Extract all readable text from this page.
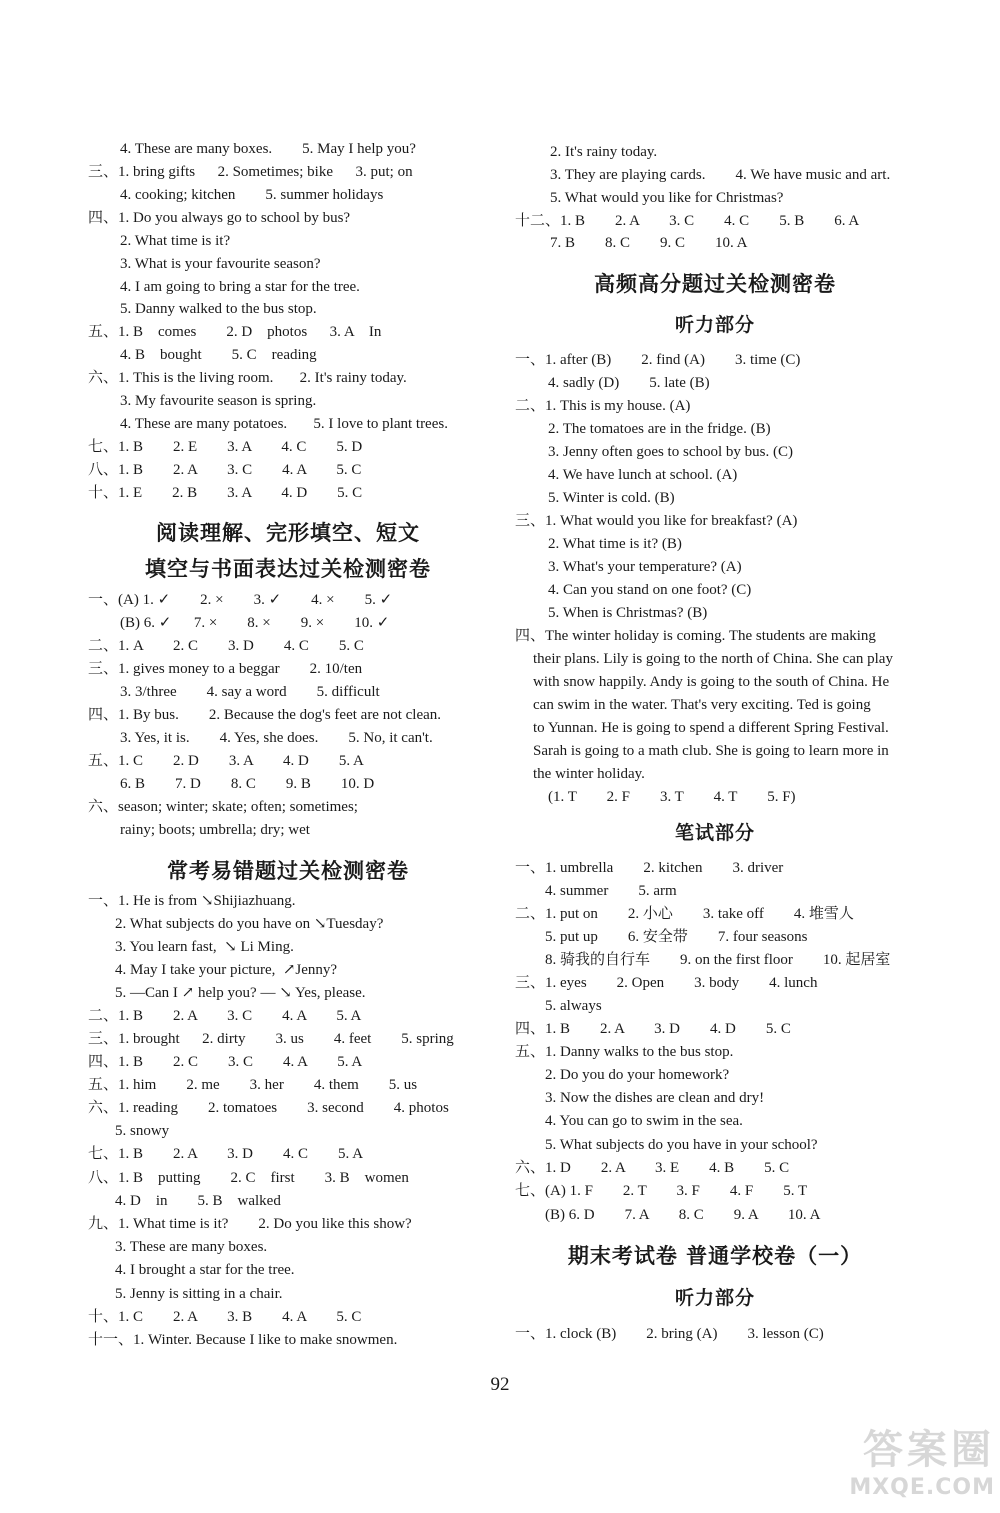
4. These are many boxes.        5. May I help you?
三、1. bring gifts      2. Sometimes; bike      3. put; on
4. cooking; kitchen        5. summer holidays
四、1. Do you always go to school by bus?
2. What time is it?
3. What is your favourite season?
4. I am going to bring a star for the tree.
5. Danny walked to the bus stop.
五、1. B    comes        2. D    photos      3. A    In
4. B    bought        5. C    reading
六、1. This is the living room.       2. It's rainy today.
3. My favourite season is spring.
4. These are many potatoes.       5. I love to plant trees.
七、1. B        2. E        3. A        4. C        5. D
八、1. B        2. A        3. C        4. A        5. C
十、1. E        2. B        3. A        4. D        5. C
阅读理解、完形填空、短文
填空与书面表达过关检测密卷
一、(A) 1. ✓        2. ×        3. ✓        4. ×        5. ✓
(B) 6. ✓      7. ×        8. ×        9. ×        10. ✓
二、1. A        2. C        3. D        4. C        5. C
三、1. gives money to a beggar        2. 10/ten
3. 3/three        4. say a word        5. difficult
四、1. By bus.        2. Because the dog's feet are not clean.
3. Yes, it is.        4. Yes, she does.        5. No, it can't.
五、1. C        2. D        3. A        4. D        5. A
6. B        7. D        8. C        9. B        10. D
六、season; winter; skate; often; sometimes;
rainy; boots; umbrella; dry; wet
常考易错题过关检测密卷
一、1. He is from ↘Shijiazhuang.
2. What subjects do you have on ↘Tuesday?
3. You learn fast,  ↘ Li Ming.
4. May I take your picture,  ↗Jenny?
5. —Can I ↗ help you? — ↘ Yes, please.
二、1. B        2. A        3. C        4. A        5. A
三、1. brought      2. dirty        3. us        4. feet        5. spring
四、1. B        2. C        3. C        4. A        5. A
五、1. him        2. me        3. her        4. them        5. us
六、1. reading        2. tomatoes        3. second        4. photos
5. snowy
七、1. B        2. A        3. D        4. C        5. A
八、1. B    putting        2. C    first        3. B    women
4. D    in        5. B    walked
九、1. What time is it?        2. Do you like this show?
3. These are many boxes.
4. I brought a star for the tree.
5. Jenny is sitting in a chair.
十、1. C        2. A        3. B        4. A        5. C
十一、1. Winter. Because I like to make snowmen.
2. It's rainy today.
3. They are playing cards.        4. We have music and art.
5. What would you like for Christmas?
十二、1. B        2. A        3. C        4. C        5. B        6. A
7. B        8. C        9. C        10. A
高频高分题过关检测密卷
听力部分
一、1. after (B)        2. find (A)        3. time (C)
4. sadly (D)        5. late (B)
二、1. This is my house. (A)
2. The tomatoes are in the fridge. (B)
3. Jenny often goes to school by bus. (C)
4. We have lunch at school. (A)
5. Winter is cold. (B)
三、1. What would you like for breakfast? (A)
2. What time is it? (B)
3. What's your temperature? (A)
4. Can you stand on one foot? (C)
5. When is Christmas? (B)
四、The winter holiday is coming. The students are making
their plans. Lily is going to the north of China. She can play
with snow happily. Andy is going to the south of China. He
can swim in the water. That's very exciting. Ted is going
to Yunnan. He is going to spend a different Spring Festival.
Sarah is going to a math club. She is going to learn more in
the winter holiday.
(1. T        2. F        3. T        4. T        5. F)
笔试部分
一、1. umbrella        2. kitchen        3. driver
4. summer        5. arm
二、1. put on        2. 小心        3. take off        4. 堆雪人
5. put up        6. 安全带        7. four seasons
8. 骑我的自行车        9. on the first floor        10. 起居室
三、1. eyes        2. Open        3. body        4. lunch
5. always
四、1. B        2. A        3. D        4. D        5. C
五、1. Danny walks to the bus stop.
2. Do you do your homework?
3. Now the dishes are clean and dry!
4. You can go to swim in the sea.
5. What subjects do you have in your school?
六、1. D        2. A        3. E        4. B        5. C
七、(A) 1. F        2. T        3. F        4. F        5. T
(B) 6. D        7. A        8. C        9. A        10. A
期末考试卷 普通学校卷（一）
听力部分
一、1. clock (B)        2. bring (A)        3. lesson (C)
92
答案圈
MXQE.COM
